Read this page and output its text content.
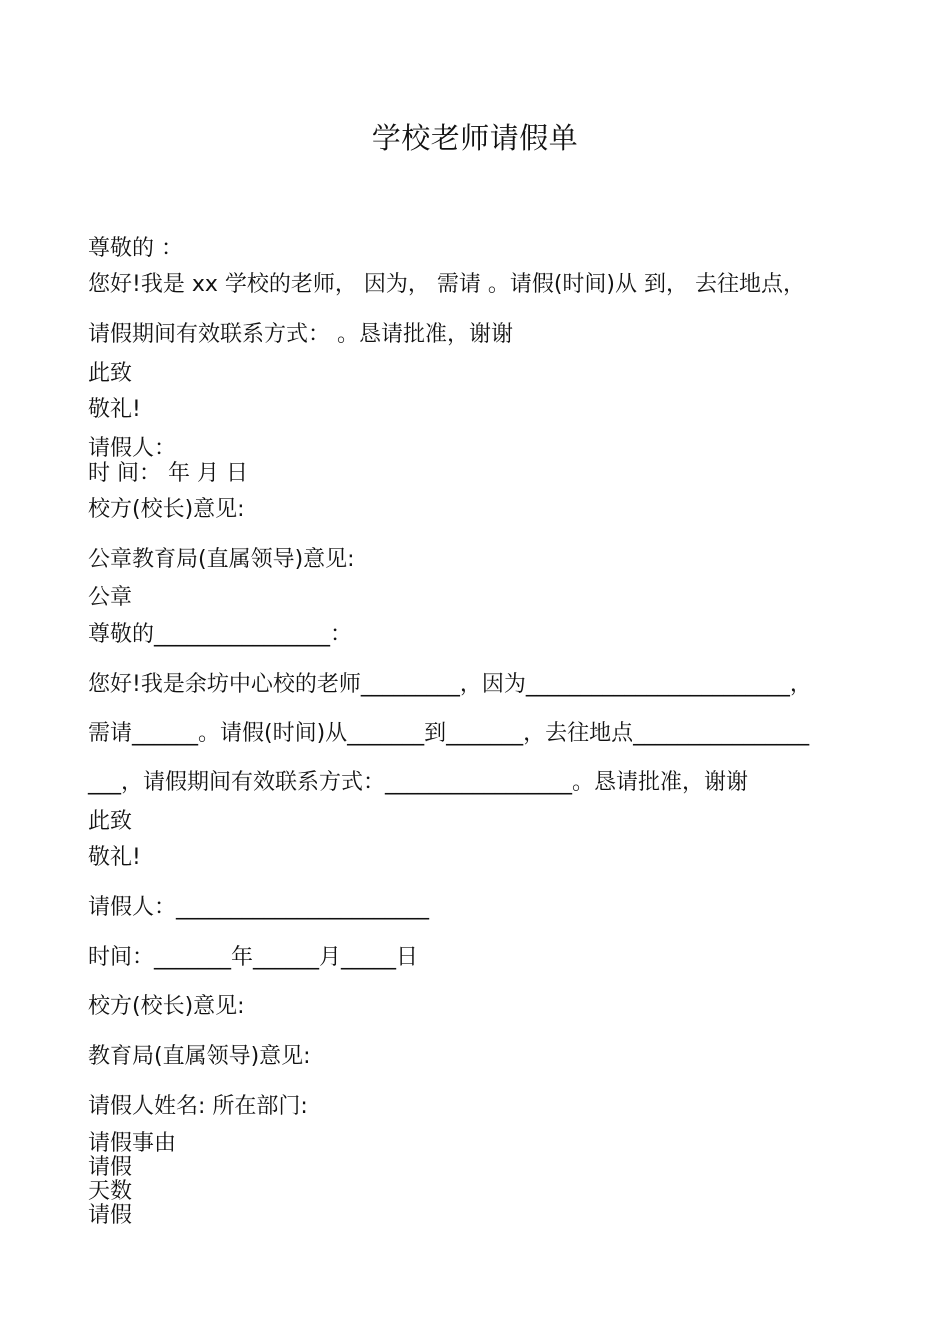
学校老师请假单

尊敬的 ：

您好!我是 xx 学校的老师， 因为， 需请 。请假(时间)从 到， 去往地点，

请假期间有效联系方式： 。恳请批准，谢谢

此致

敬礼!

请假人：

时 间： 年 月 日

校方(校长)意见:

公章教育局(直属领导)意见:

公章

尊敬的________________：

您好!我是余坊中心校的老师_________，因为________________________，

需请______。请假(时间)从_______到_______，去往地点________________

___，请假期间有效联系方式：_________________。恳请批准，谢谢

此致

敬礼!

请假人：_______________________

时间：_______年______月_____日

校方(校长)意见:

教育局(直属领导)意见:

请假人姓名: 所在部门:

请假事由
请假
天数
请假
